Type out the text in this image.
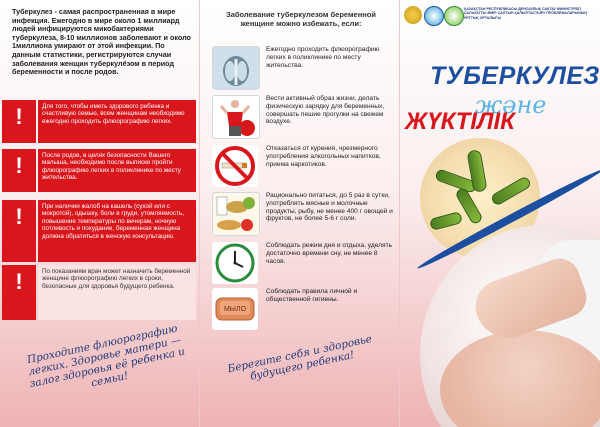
Туберкулез - самая распространенная в мире инфекция. Ежегодно в мире около 1 миллиард людей инфицируются микобактериями туберкулеза, 8-10 миллионов заболевают и около 1миллиона умирают от этой инфекции. По данным статистики, регистрируются случаи заболевания женщин туберкулёзом в период беременности и после родов.

!	Для того, чтобы иметь здорового ребенка и счастливую семью, всем женщинам необходимо ежегодно проходить флюорографию легких.
!	После родов, в целях безопасности Вашего малыша, необходимо после выписки пройти флюорографию легких в поликлинике по месту жительства.
!	При наличии жалоб на кашель (сухой или с мокротой), одышку, боли в груди, утомляемость, повышение температуры по вечерам, ночную потливость и похудание, беременная женщина должна обратиться в женскую консультацию.
!	По показаниям врач может назначить беременной женщине флюорографию легких в сроки, безопасные для здоровья будущего ребенка.
Проходите флюорографию легких. Здоровье матери — залог здоровья её ребенка и семьи!
Заболевание туберкулезом беременной женщине можно избежать, если:
Ежегодно проходить флюорографию легких в поликлинике по месту жительства.
Вести активный образ жизни, делать физическую зарядку для беременных, совершать пешие прогулки на свежем воздухе.
Отказаться от курения, чрезмерного употребления алкогольных напитков, приема наркотиков.
Рационально питаться, до 5 раз в сутки, употреблять мясные и молочные продукты, рыбу, не менее 400 г овощей и фруктов, не более 5-6 г соли.
Соблюдать режим дня и отдыха, уделять достаточно времени сну, не менее 8 часов.
МЫЛО
Соблюдать правила личной и общественной гигиены.
Берегите себя и здоровье будущего ребенка!
ҚАЗАҚСТАН РЕСПУБЛИКАСЫ ДЕНСАУЛЫҚ САҚТАУ МИНИСТРЛІГІ САЛАУАТТЫ ӨМІР САЛТЫН ҚАЛЫПТАСТЫРУ ПРОБЛЕМАЛАРЫНЫҢ ҰЛТТЫҚ ОРТАЛЫҒЫ
ТУБЕРКУЛЕЗ
және
ЖҮКТІЛІК
